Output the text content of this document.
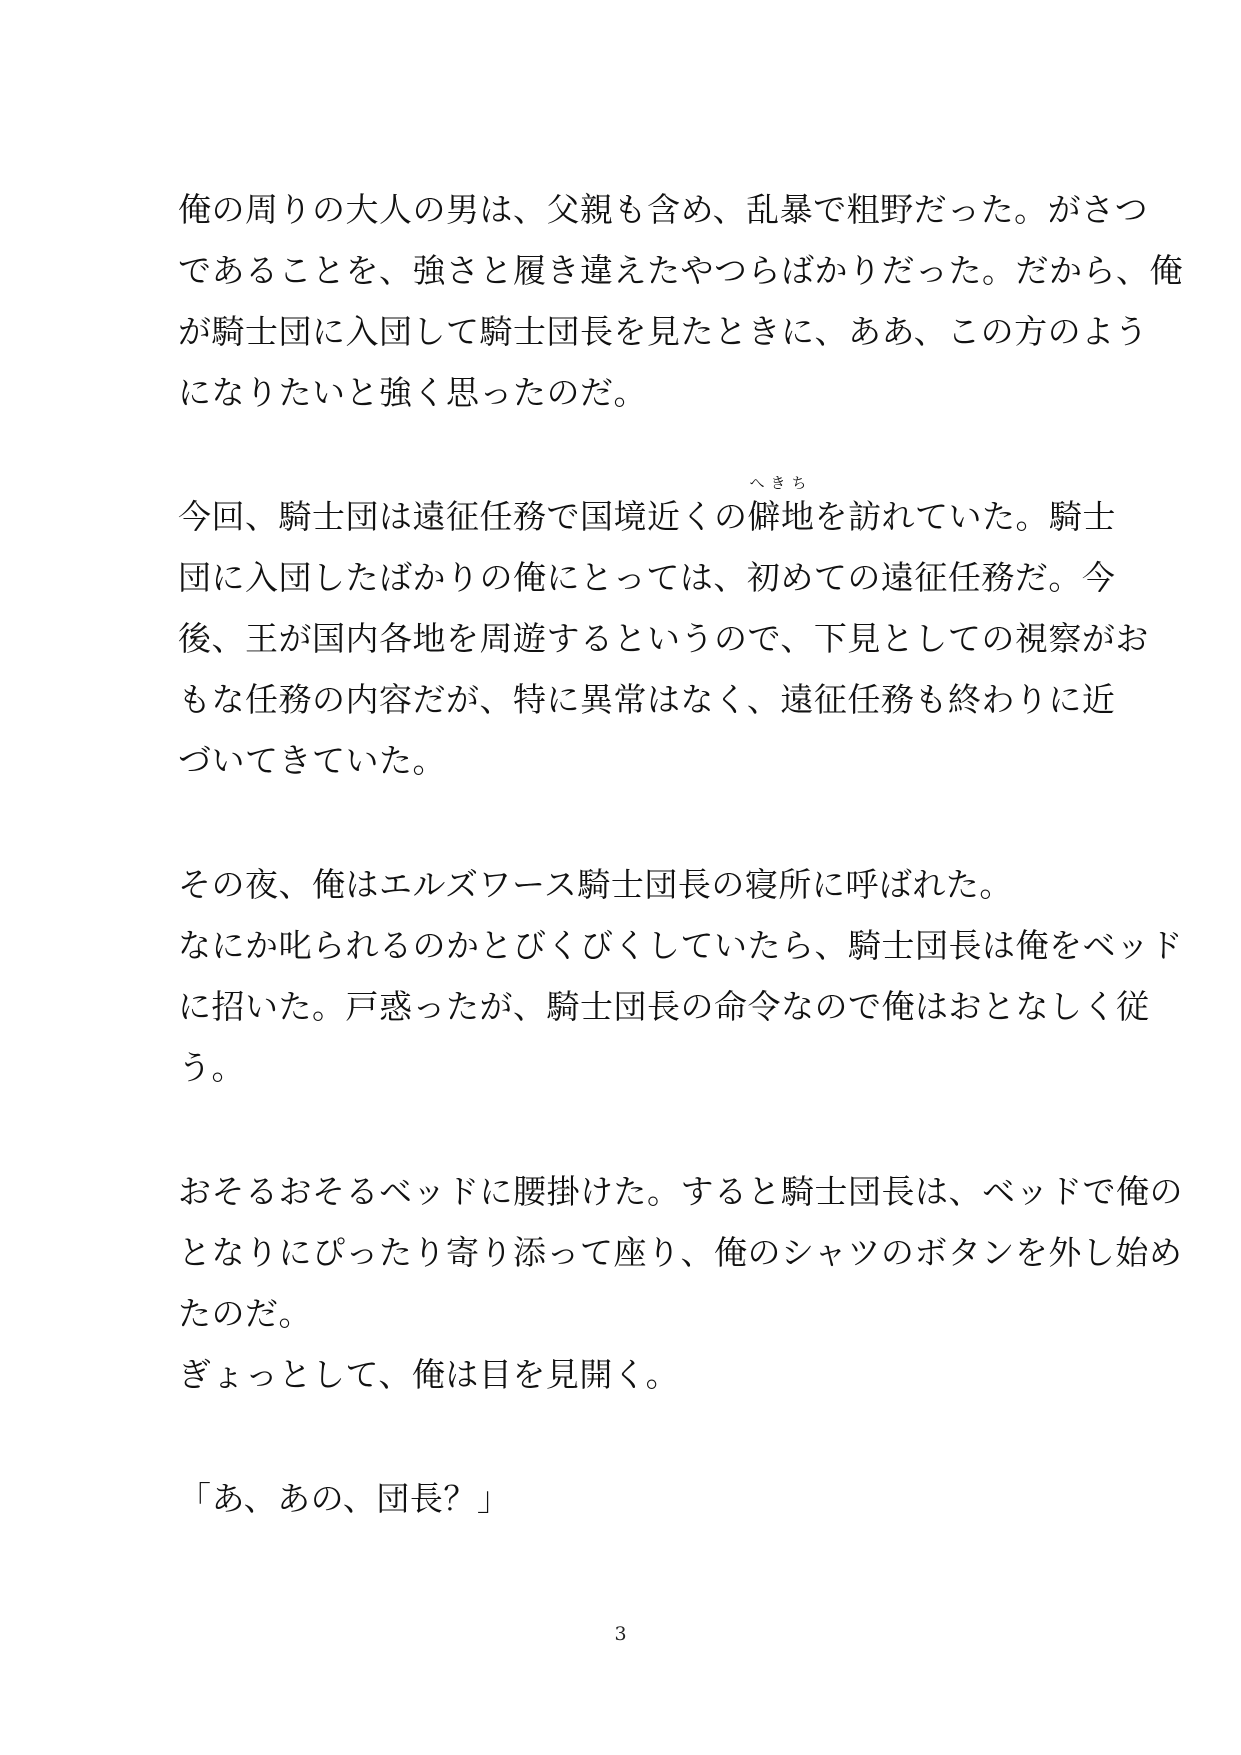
俺の周りの大人の男は、父親も含め、乱暴で粗野だった。がさつ
であることを、強さと履き違えたやつらばかりだった。だから、俺
が騎士団に入団して騎士団長を見たときに、ああ、この方のよう
になりたいと強く思ったのだ。
今回、騎士団は遠征任務で国境近くの
へきち
僻地を訪れていた。騎士
団に入団したばかりの俺にとっては、初めての遠征任務だ。今
後、王が国内各地を周遊するというので、下見としての視察がお
もな任務の内容だが、特に異常はなく、遠征任務も終わりに近
づいてきていた。
その夜、俺はエルズワース騎士団長の寝所に呼ばれた。
なにか叱られるのかとびくびくしていたら、騎士団長は俺をベッド
に招いた。戸惑ったが、騎士団長の命令なので俺はおとなしく従
う。
おそるおそるベッドに腰掛けた。すると騎士団長は、ベッドで俺の
となりにぴったり寄り添って座り、俺のシャツのボタンを外し始め
たのだ。
ぎょっとして、俺は目を見開く。
「あ、あの、団長？」
3
